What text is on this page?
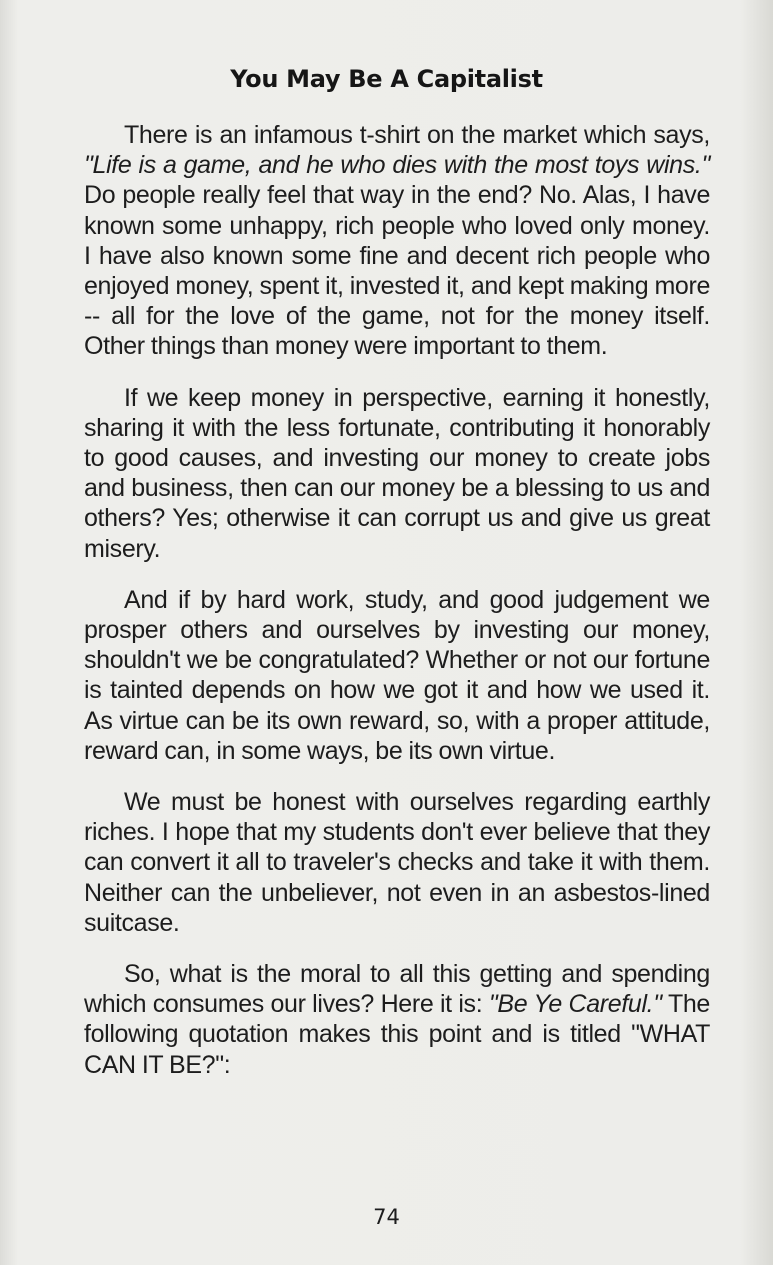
You May Be A Capitalist

There is an infamous t-shirt on the market which says, "Life is a game, and he who dies with the most toys wins." Do people really feel that way in the end? No. Alas, I have known some unhappy, rich people who loved only money. I have also known some fine and decent rich people who enjoyed money, spent it, invested it, and kept making more -- all for the love of the game, not for the money itself. Other things than money were important to them.

If we keep money in perspective, earning it honestly, sharing it with the less fortunate, contributing it honorably to good causes, and investing our money to create jobs and business, then can our money be a blessing to us and others? Yes; otherwise it can corrupt us and give us great misery.

And if by hard work, study, and good judgement we prosper others and ourselves by investing our money, shouldn't we be congratulated? Whether or not our fortune is tainted depends on how we got it and how we used it. As virtue can be its own reward, so, with a proper attitude, reward can, in some ways, be its own virtue.

We must be honest with ourselves regarding earthly riches. I hope that my students don't ever believe that they can convert it all to traveler's checks and take it with them. Neither can the unbeliever, not even in an asbestos-lined suitcase.

So, what is the moral to all this getting and spending which consumes our lives? Here it is: "Be Ye Careful." The following quotation makes this point and is titled "WHAT CAN IT BE?":

74
